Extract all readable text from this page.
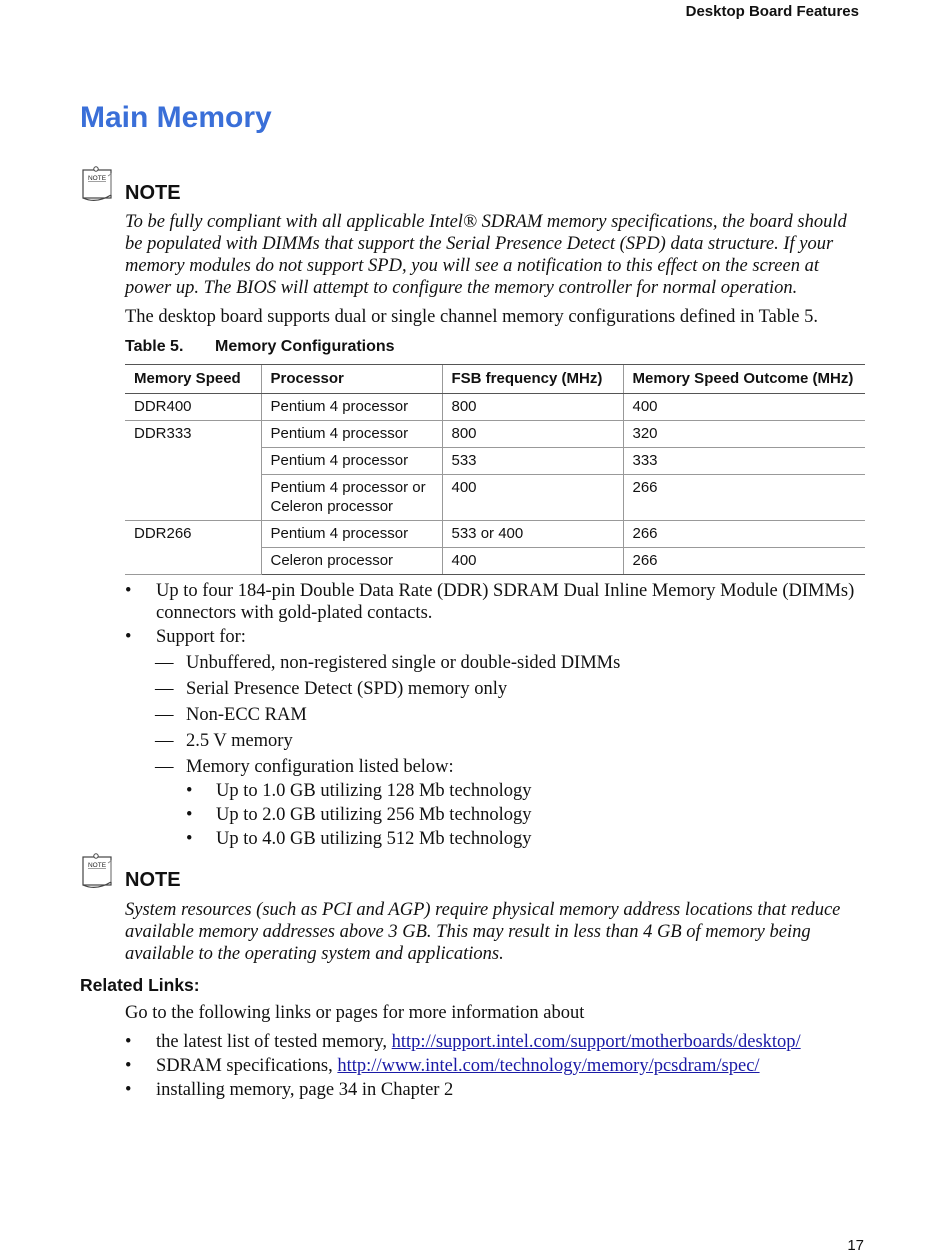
Desktop Board Features
Main Memory
NOTE
NOTE
To be fully compliant with all applicable Intel® SDRAM memory specifications, the board should
be populated with DIMMs that support the Serial Presence Detect (SPD) data structure. If your
memory modules do not support SPD, you will see a notification to this effect on the screen at
power up. The BIOS will attempt to configure the memory controller for normal operation.
The desktop board supports dual or single channel memory configurations defined in Table 5.
Table 5. Memory Configurations
Memory Speed	Processor	FSB frequency (MHz)	Memory Speed Outcome (MHz)
DDR400	Pentium 4 processor	800	400
DDR333	Pentium 4 processor	800	320
	Pentium 4 processor	533	333

	Pentium 4 processor or
Celeron processor	400	266
DDR266	Pentium 4 processor	533 or 400	266
	Celeron processor	400	266
• Up to four 184-pin Double Data Rate (DDR) SDRAM Dual Inline Memory Module (DIMMs)
connectors with gold-plated contacts.
• Support for:
— Unbuffered, non-registered single or double-sided DIMMs
— Serial Presence Detect (SPD) memory only
— Non-ECC RAM
— 2.5 V memory
— Memory configuration listed below:
• Up to 1.0 GB utilizing 128 Mb technology
• Up to 2.0 GB utilizing 256 Mb technology
• Up to 4.0 GB utilizing 512 Mb technology
NOTE
NOTE
System resources (such as PCI and AGP) require physical memory address locations that reduce
available memory addresses above 3 GB. This may result in less than 4 GB of memory being
available to the operating system and applications.
Related Links:
Go to the following links or pages for more information about
• the latest list of tested memory, http://support.intel.com/support/motherboards/desktop/
• SDRAM specifications, http://www.intel.com/technology/memory/pcsdram/spec/
• installing memory, page 34 in Chapter 2
17
